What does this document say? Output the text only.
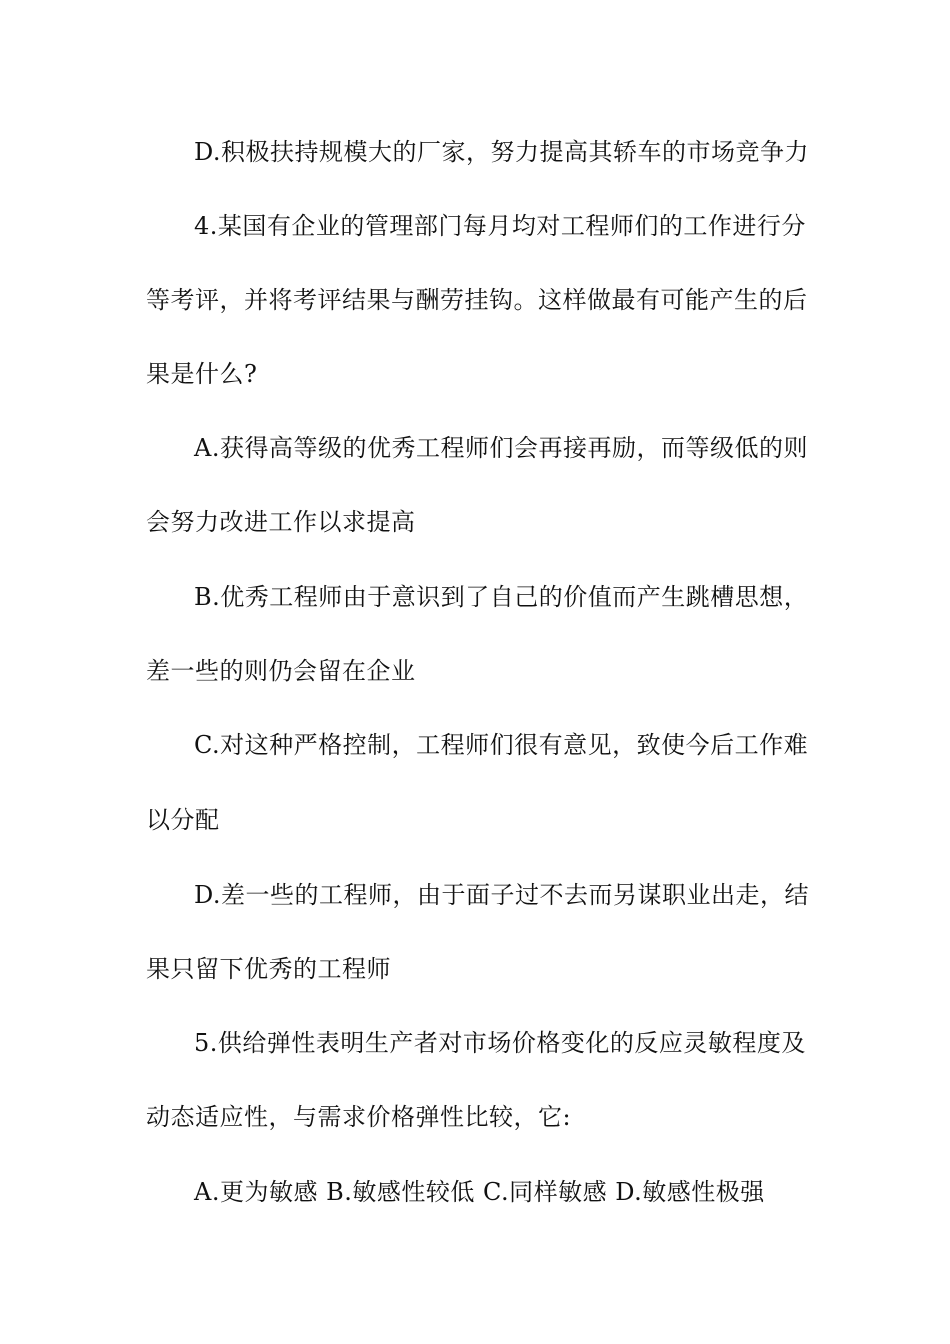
D.积极扶持规模大的厂家，努力提高其轿车的市场竞争力
4.某国有企业的管理部门每月均对工程师们的工作进行分
等考评，并将考评结果与酬劳挂钩。这样做最有可能产生的后
果是什么?
A.获得高等级的优秀工程师们会再接再励，而等级低的则
会努力改进工作以求提高
B.优秀工程师由于意识到了自己的价值而产生跳槽思想，
差一些的则仍会留在企业
C.对这种严格控制，工程师们很有意见，致使今后工作难
以分配
D.差一些的工程师，由于面子过不去而另谋职业出走，结
果只留下优秀的工程师
5.供给弹性表明生产者对市场价格变化的反应灵敏程度及
动态适应性，与需求价格弹性比较，它:
A.更为敏感 B.敏感性较低 C.同样敏感 D.敏感性极强
